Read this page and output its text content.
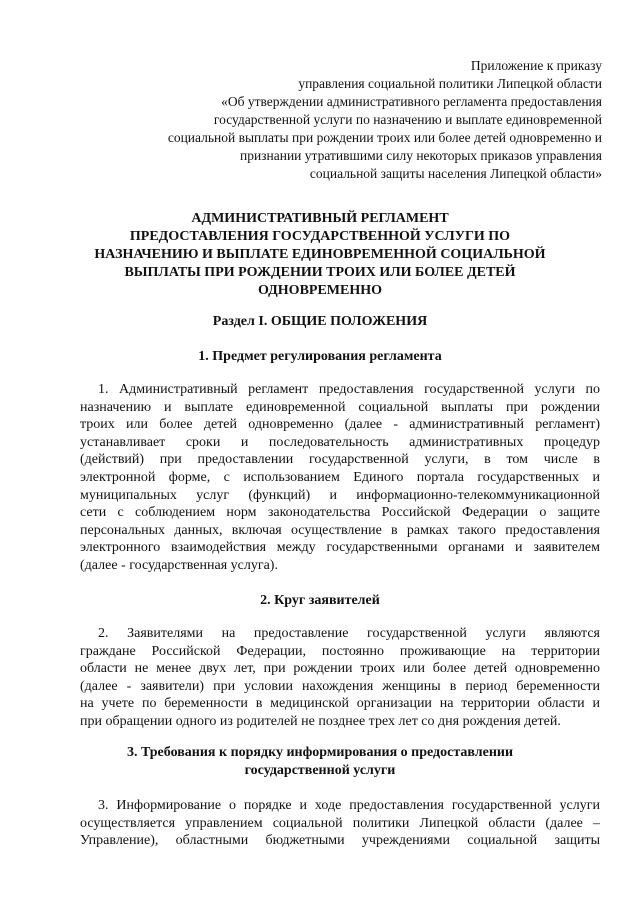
Приложение к приказу
управления социальной политики Липецкой области
«Об утверждении административного регламента предоставления
государственной услуги по назначению и выплате единовременной
социальной выплаты при рождении троих или более детей одновременно и
признании утратившими силу некоторых приказов управления
социальной защиты населения Липецкой области»
АДМИНИСТРАТИВНЫЙ РЕГЛАМЕНТ
ПРЕДОСТАВЛЕНИЯ ГОСУДАРСТВЕННОЙ УСЛУГИ ПО
НАЗНАЧЕНИЮ И ВЫПЛАТЕ ЕДИНОВРЕМЕННОЙ СОЦИАЛЬНОЙ
ВЫПЛАТЫ ПРИ РОЖДЕНИИ ТРОИХ ИЛИ БОЛЕЕ ДЕТЕЙ
ОДНОВРЕМЕННО
Раздел I. ОБЩИЕ ПОЛОЖЕНИЯ
1. Предмет регулирования регламента
1. Административный регламент предоставления государственной услуги по
назначению и выплате единовременной социальной выплаты при рождении
троих или более детей одновременно (далее - административный регламент)
устанавливает сроки и последовательность административных процедур
(действий) при предоставлении государственной услуги, в том числе в
электронной форме, с использованием Единого портала государственных и
муниципальных услуг (функций) и информационно-телекоммуникационной
сети с соблюдением норм законодательства Российской Федерации о защите
персональных данных, включая осуществление в рамках такого предоставления
электронного взаимодействия между государственными органами и заявителем
(далее - государственная услуга).
2. Круг заявителей
2. Заявителями на предоставление государственной услуги являются
граждане Российской Федерации, постоянно проживающие на территории
области не менее двух лет, при рождении троих или более детей одновременно
(далее - заявители) при условии нахождения женщины в период беременности
на учете по беременности в медицинской организации на территории области и
при обращении одного из родителей не позднее трех лет со дня рождения детей.
3. Требования к порядку информирования о предоставлении
государственной услуги
3. Информирование о порядке и ходе предоставления государственной услуги
осуществляется управлением социальной политики Липецкой области (далее –
Управление), областными бюджетными учреждениями социальной защиты
